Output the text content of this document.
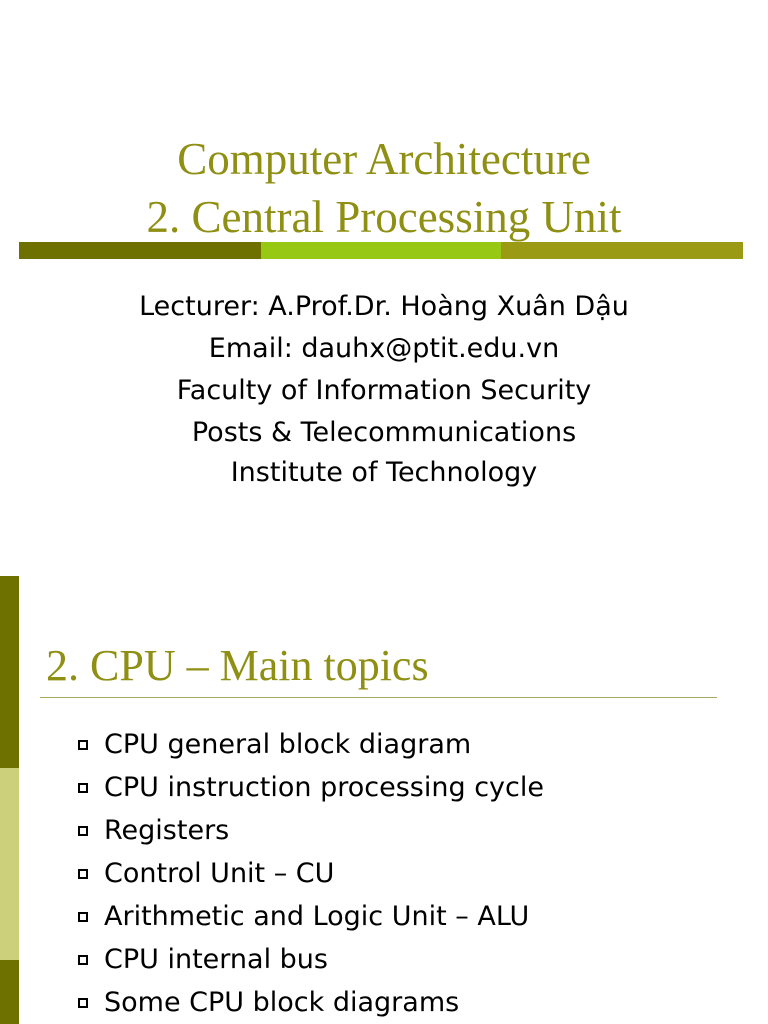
Computer Architecture
2. Central Processing Unit
Lecturer: A.Prof.Dr. Hoàng Xuân Dậu
Email: dauhx@ptit.edu.vn
Faculty of Information Security
Posts & Telecommunications
Institute of Technology
2. CPU – Main topics
CPU general block diagram
CPU instruction processing cycle
Registers
Control Unit – CU
Arithmetic and Logic Unit – ALU
CPU internal bus
Some CPU block diagrams
